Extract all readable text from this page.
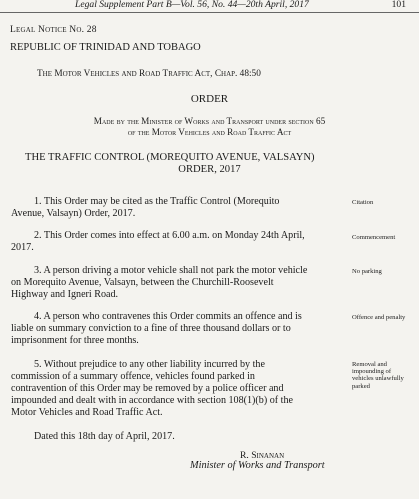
Legal Supplement Part B—Vol. 56, No. 44—20th April, 2017	101
Legal Notice No. 28
REPUBLIC OF TRINIDAD AND TOBAGO
The Motor Vehicles and Road Traffic Act, Chap. 48:50
ORDER
Made by the Minister of Works and Transport under section 65
of the Motor Vehicles and Road Traffic Act
THE TRAFFIC CONTROL (MOREQUITO AVENUE, VALSAYN)
ORDER, 2017
1. This Order may be cited as the Traffic Control (Morequito
Avenue, Valsayn) Order, 2017.
Citation
2. This Order comes into effect at 6.00 a.m. on Monday 24th April,
2017.
Commencement
3. A person driving a motor vehicle shall not park the motor vehicle
on Morequito Avenue, Valsayn, between the Churchill-Roosevelt
Highway and Igneri Road.
No parking
4. A person who contravenes this Order commits an offence and is
liable on summary conviction to a fine of three thousand dollars or to
imprisonment for three months.
Offence and penalty
5. Without prejudice to any other liability incurred by the
commission of a summary offence, vehicles found parked in
contravention of this Order may be removed by a police officer and
impounded and dealt with in accordance with section 108(1)(b) of the
Motor Vehicles and Road Traffic Act.
Removal and impounding of vehicles unlawfully parked
Dated this 18th day of April, 2017.
R. Sinanan
Minister of Works and Transport
